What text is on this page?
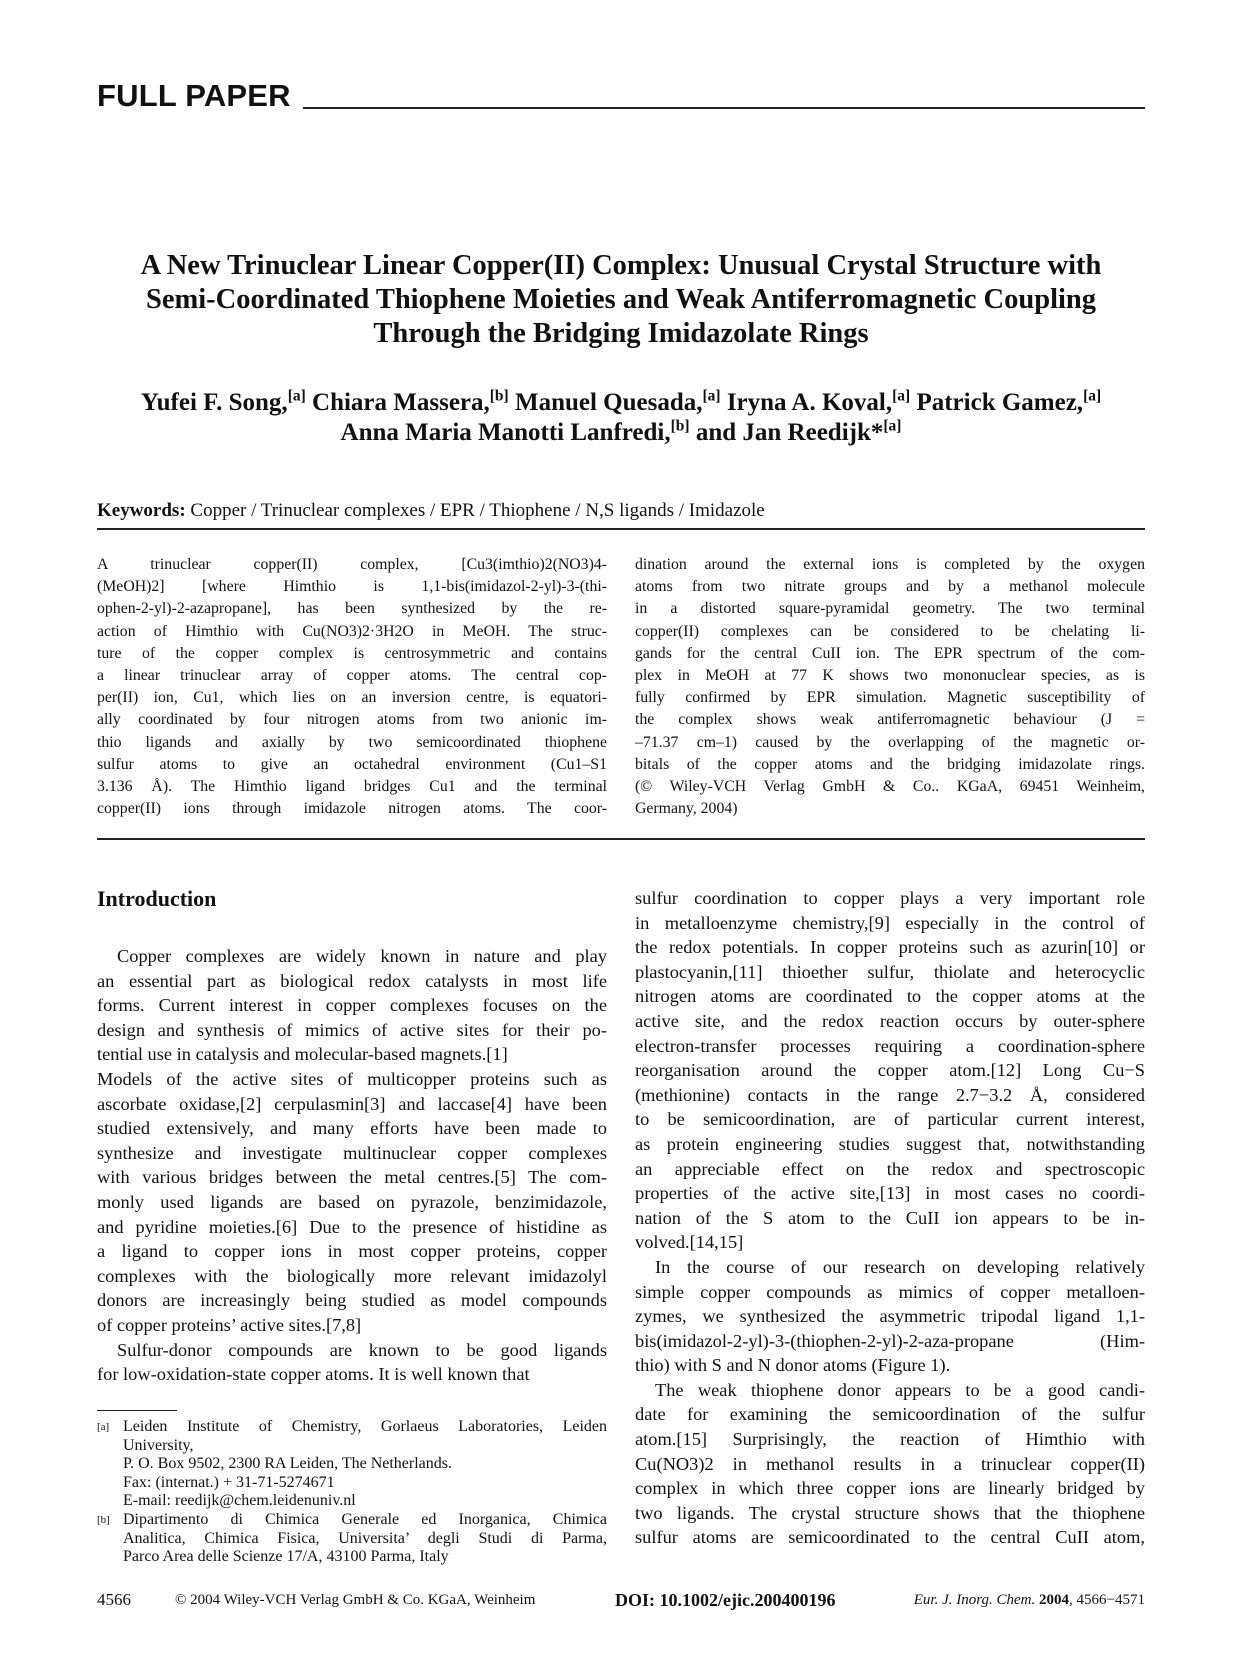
FULL PAPER
A New Trinuclear Linear Copper(II) Complex: Unusual Crystal Structure with
Semi-Coordinated Thiophene Moieties and Weak Antiferromagnetic Coupling
Through the Bridging Imidazolate Rings
Yufei F. Song,[a] Chiara Massera,[b] Manuel Quesada,[a] Iryna A. Koval,[a] Patrick Gamez,[a]
Anna Maria Manotti Lanfredi,[b] and Jan Reedijk*[a]
Keywords: Copper / Trinuclear complexes / EPR / Thiophene / N,S ligands / Imidazole
A trinuclear copper(II) complex, [Cu3(imthio)2(NO3)4-
(MeOH)2] [where Himthio is 1,1-bis(imidazol-2-yl)-3-(thi-
ophen-2-yl)-2-azapropane], has been synthesized by the re-
action of Himthio with Cu(NO3)2·3H2O in MeOH. The struc-
ture of the copper complex is centrosymmetric and contains
a linear trinuclear array of copper atoms. The central cop-
per(II) ion, Cu1, which lies on an inversion centre, is equatori-
ally coordinated by four nitrogen atoms from two anionic im-
thio ligands and axially by two semicoordinated thiophene
sulfur atoms to give an octahedral environment (Cu1–S1
3.136 Å). The Himthio ligand bridges Cu1 and the terminal
copper(II) ions through imidazole nitrogen atoms. The coor-
dination around the external ions is completed by the oxygen
atoms from two nitrate groups and by a methanol molecule
in a distorted square-pyramidal geometry. The two terminal
copper(II) complexes can be considered to be chelating li-
gands for the central CuII ion. The EPR spectrum of the com-
plex in MeOH at 77 K shows two mononuclear species, as is
fully confirmed by EPR simulation. Magnetic susceptibility of
the complex shows weak antiferromagnetic behaviour (J =
–71.37 cm–1) caused by the overlapping of the magnetic or-
bitals of the copper atoms and the bridging imidazolate rings.
(© Wiley-VCH Verlag GmbH & Co.. KGaA, 69451 Weinheim,
Germany, 2004)
Introduction
Copper complexes are widely known in nature and play
an essential part as biological redox catalysts in most life
forms. Current interest in copper complexes focuses on the
design and synthesis of mimics of active sites for their po-
tential use in catalysis and molecular-based magnets.[1]
Models of the active sites of multicopper proteins such as
ascorbate oxidase,[2] cerpulasmin[3] and laccase[4] have been
studied extensively, and many efforts have been made to
synthesize and investigate multinuclear copper complexes
with various bridges between the metal centres.[5] The com-
monly used ligands are based on pyrazole, benzimidazole,
and pyridine moieties.[6] Due to the presence of histidine as
a ligand to copper ions in most copper proteins, copper
complexes with the biologically more relevant imidazolyl
donors are increasingly being studied as model compounds
of copper proteins’ active sites.[7,8]
Sulfur-donor compounds are known to be good ligands
for low-oxidation-state copper atoms. It is well known that
sulfur coordination to copper plays a very important role
in metalloenzyme chemistry,[9] especially in the control of
the redox potentials. In copper proteins such as azurin[10] or
plastocyanin,[11] thioether sulfur, thiolate and heterocyclic
nitrogen atoms are coordinated to the copper atoms at the
active site, and the redox reaction occurs by outer-sphere
electron-transfer processes requiring a coordination-sphere
reorganisation around the copper atom.[12] Long Cu−S
(methionine) contacts in the range 2.7−3.2 Å, considered
to be semicoordination, are of particular current interest,
as protein engineering studies suggest that, notwithstanding
an appreciable effect on the redox and spectroscopic
properties of the active site,[13] in most cases no coordi-
nation of the S atom to the CuII ion appears to be in-
volved.[14,15]
In the course of our research on developing relatively
simple copper compounds as mimics of copper metalloen-
zymes, we synthesized the asymmetric tripodal ligand 1,1-
bis(imidazol-2-yl)-3-(thiophen-2-yl)-2-aza-propane (Him-
thio) with S and N donor atoms (Figure 1).
The weak thiophene donor appears to be a good candi-
date for examining the semicoordination of the sulfur
atom.[15] Surprisingly, the reaction of Himthio with
Cu(NO3)2 in methanol results in a trinuclear copper(II)
complex in which three copper ions are linearly bridged by
two ligands. The crystal structure shows that the thiophene
sulfur atoms are semicoordinated to the central CuII atom,
[a] Leiden Institute of Chemistry, Gorlaeus Laboratories, Leiden
University,
P. O. Box 9502, 2300 RA Leiden, The Netherlands.
Fax: (internat.) + 31-71-5274671
E-mail: reedijk@chem.leidenuniv.nl
[b] Dipartimento di Chimica Generale ed Inorganica, Chimica
Analitica, Chimica Fisica, Universita’ degli Studi di Parma,
Parco Area delle Scienze 17/A, 43100 Parma, Italy
4566	© 2004 Wiley-VCH Verlag GmbH & Co. KGaA, Weinheim	DOI: 10.1002/ejic.200400196	Eur. J. Inorg. Chem. 2004, 4566−4571
